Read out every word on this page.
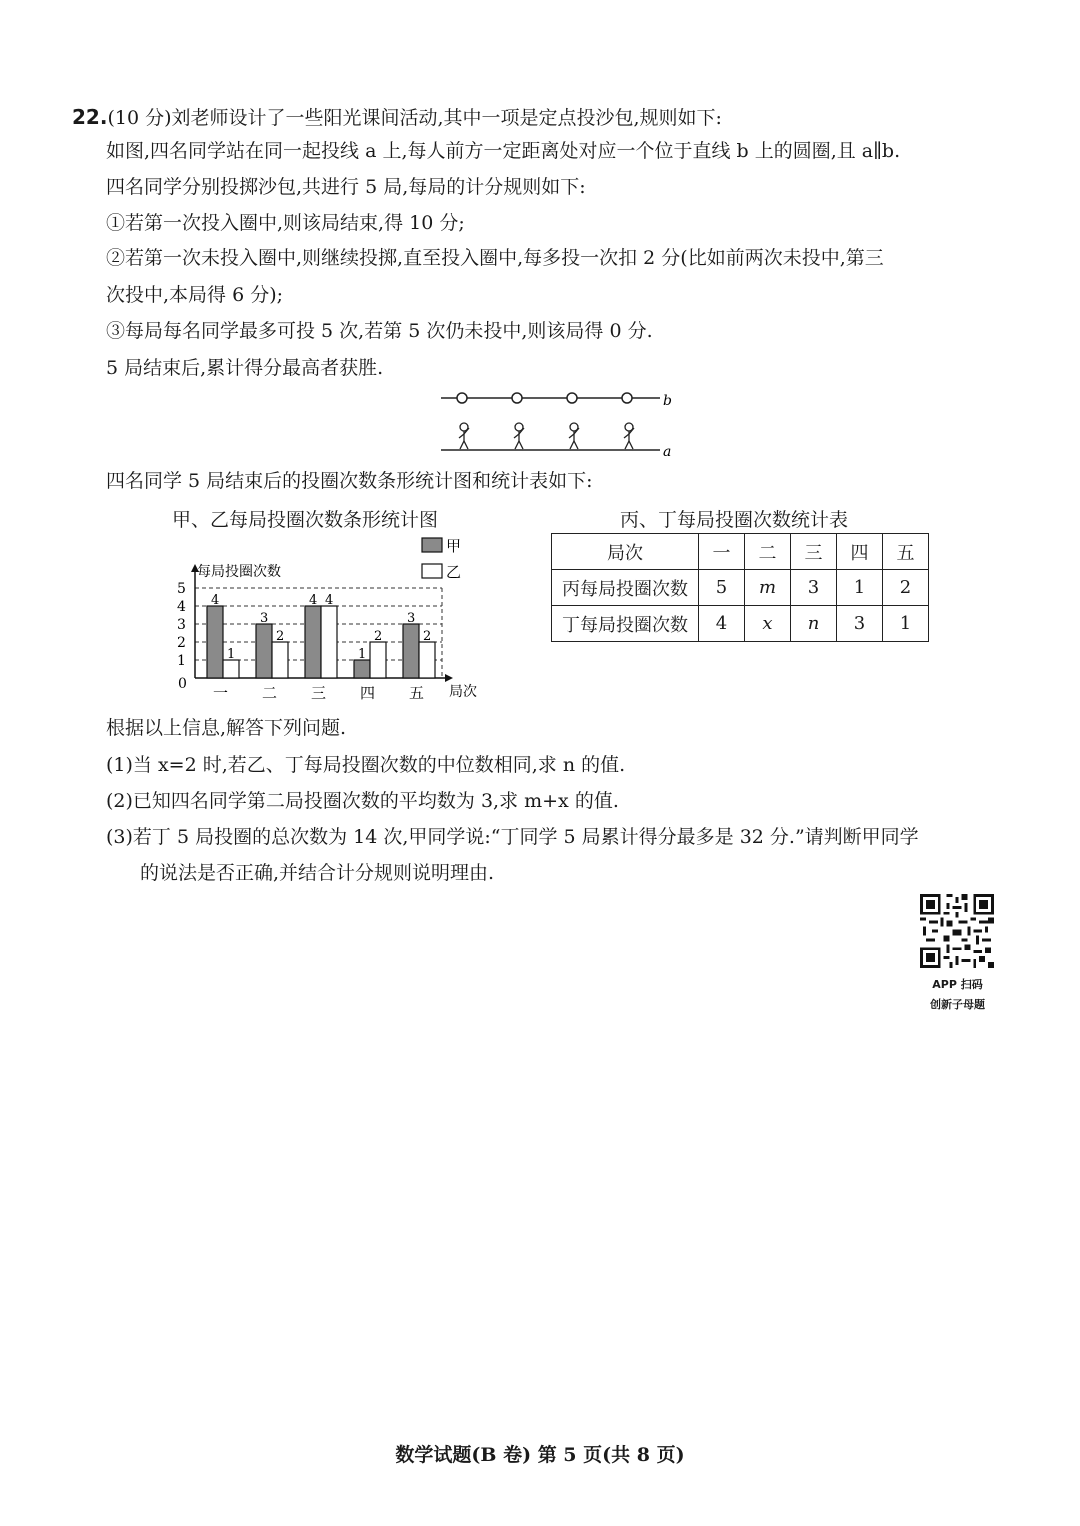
22.(10 分)刘老师设计了一些阳光课间活动,其中一项是定点投沙包,规则如下:
如图,四名同学站在同一起投线 a 上,每人前方一定距离处对应一个位于直线 b 上的圆圈,且 a∥b.
四名同学分别投掷沙包,共进行 5 局,每局的计分规则如下:
①若第一次投入圈中,则该局结束,得 10 分;
②若第一次未投入圈中,则继续投掷,直至投入圈中,每多投一次扣 2 分(比如前两次未投中,第三
次投中,本局得 6 分);
③每局每名同学最多可投 5 次,若第 5 次仍未投中,则该局得 0 分.
5 局结束后,累计得分最高者获胜.
b
a
四名同学 5 局结束后的投圈次数条形统计图和统计表如下:
甲、乙每局投圈次数条形统计图
1
2
3
4
5
0
每局投圈次数
局次
4
1
一
3
2
二
4 4
三
1
2
四
3
2
五
甲
乙
丙、丁每局投圈次数统计表
局次	一	二	三	四	五
丙每局投圈次数	5	m	3	1	2
丁每局投圈次数	4	x	n	3	1
根据以上信息,解答下列问题.
(1)当 x=2 时,若乙、丁每局投圈次数的中位数相同,求 n 的值.
(2)已知四名同学第二局投圈次数的平均数为 3,求 m+x 的值.
(3)若丁 5 局投圈的总次数为 14 次,甲同学说:“丁同学 5 局累计得分最多是 32 分.”请判断甲同学
的说法是否正确,并结合计分规则说明理由.
APP 扫码
创新子母题
数学试题(B 卷) 第 5 页(共 8 页)
